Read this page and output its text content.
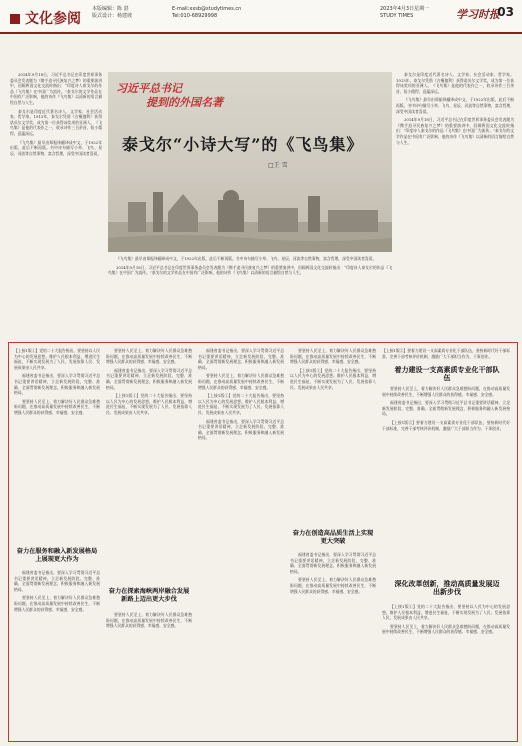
文化参阅
本版编辑：陈 湛
版式设计：杨建坡
E-mail:xxsb@studytimes.cn
Tel:010-68929998
2023年4月3日星期一
STUDY TIMES	学习时报
03

2014年9月18日，习近平总书记在印度世界事务委员会发表题为《携手追寻民族复兴之梦》的重要演讲中，回顾两国文化交流时指出：“印度诗人泰戈尔的作品《飞鸟集》在中国广为流传。”泰戈尔的文学作品在中国有广泛影响，他的诗作《飞鸟集》以清新的语言描绘自然与人生。

泰戈尔是印度近代著名诗人、文学家、社会活动家、哲学家。1913年，泰戈尔凭借《吉檀迦利》获得诺贝尔文学奖，成为第一位获得该奖项的亚洲人。《飞鸟集》是他的代表作之一，收录诗作三百余首，短小精悍，意蕴深远。

《飞鸟集》最早由郑振铎翻译成中文，于1922年出版，此后不断再版。书中诗句描写小草、飞鸟、星辰、河流等自然事物，富含哲理，深受中国读者喜爱。

习近平总书记
提到的外国名著
泰戈尔“小诗大写”的《飞鸟集》
□王 雪

泰戈尔是印度近代著名诗人、文学家、社会活动家、哲学家。1913年，泰戈尔凭借《吉檀迦利》获得诺贝尔文学奖，成为第一位获得该奖项的亚洲人。《飞鸟集》是他的代表作之一，收录诗作三百余首，短小精悍，意蕴深远。

《飞鸟集》最早由郑振铎翻译成中文，于1922年出版，此后不断再版。书中诗句描写小草、飞鸟、星辰、河流等自然事物，富含哲理，深受中国读者喜爱。

2014年9月18日，习近平总书记在印度世界事务委员会发表题为《携手追寻民族复兴之梦》的重要演讲中，回顾两国文化交流时指出：“印度诗人泰戈尔的作品《飞鸟集》在中国广为流传。”泰戈尔的文学作品在中国有广泛影响，他的诗作《飞鸟集》以清新的语言描绘自然与人生。

《飞鸟集》最早由郑振铎翻译成中文，于1922年出版，此后不断再版。书中诗句描写小草、飞鸟、星辰、河流等自然事物，富含哲理，深受中国读者喜爱。

2014年9月18日，习近平总书记在印度世界事务委员会发表题为《携手追寻民族复兴之梦》的重要演讲中，回顾两国文化交流时指出：“印度诗人泰戈尔的作品《飞鸟集》在中国广为流传。”泰戈尔的文学作品在中国有广泛影响，他的诗作《飞鸟集》以清新的语言描绘自然与人生。

【上接1版①】党的二十大报告指出，要坚持以人民为中心的发展思想。维护人民根本利益，增进民生福祉，不断实现发展为了人民、发展依靠人民、发展成果由人民共享。

福建省委书记指出，要深入学习贯彻习近平总书记重要讲话精神，立足新发展阶段，完整、准确、全面贯彻新发展理念，积极服务和融入新发展格局。

要坚持人民至上，着力解决好人民群众急难愁盼问题，在推动高质量发展中持续改善民生，不断增强人民群众的获得感、幸福感、安全感。

奋力在服务和融入新发展格局上展现更大作为

福建省委书记指出，要深入学习贯彻习近平总书记重要讲话精神，立足新发展阶段，完整、准确、全面贯彻新发展理念，积极服务和融入新发展格局。

要坚持人民至上，着力解决好人民群众急难愁盼问题，在推动高质量发展中持续改善民生，不断增强人民群众的获得感、幸福感、安全感。

要坚持人民至上，着力解决好人民群众急难愁盼问题，在推动高质量发展中持续改善民生，不断增强人民群众的获得感、幸福感、安全感。

福建省委书记指出，要深入学习贯彻习近平总书记重要讲话精神，立足新发展阶段，完整、准确、全面贯彻新发展理念，积极服务和融入新发展格局。

【上接1版①】党的二十大报告指出，要坚持以人民为中心的发展思想。维护人民根本利益，增进民生福祉，不断实现发展为了人民、发展依靠人民、发展成果由人民共享。

奋力在探索海峡两岸融合发展新路上迈出更大步伐

要坚持人民至上，着力解决好人民群众急难愁盼问题，在推动高质量发展中持续改善民生，不断增强人民群众的获得感、幸福感、安全感。

福建省委书记指出，要深入学习贯彻习近平总书记重要讲话精神，立足新发展阶段，完整、准确、全面贯彻新发展理念，积极服务和融入新发展格局。

要坚持人民至上，着力解决好人民群众急难愁盼问题，在推动高质量发展中持续改善民生，不断增强人民群众的获得感、幸福感、安全感。

【上接1版①】党的二十大报告指出，要坚持以人民为中心的发展思想。维护人民根本利益，增进民生福祉，不断实现发展为了人民、发展依靠人民、发展成果由人民共享。

福建省委书记指出，要深入学习贯彻习近平总书记重要讲话精神，立足新发展阶段，完整、准确、全面贯彻新发展理念，积极服务和融入新发展格局。

要坚持人民至上，着力解决好人民群众急难愁盼问题，在推动高质量发展中持续改善民生，不断增强人民群众的获得感、幸福感、安全感。

【上接1版①】党的二十大报告指出，要坚持以人民为中心的发展思想。维护人民根本利益，增进民生福祉，不断实现发展为了人民、发展依靠人民、发展成果由人民共享。

奋力在创造高品质生活上实现更大突破

福建省委书记指出，要深入学习贯彻习近平总书记重要讲话精神，立足新发展阶段，完整、准确、全面贯彻新发展理念，积极服务和融入新发展格局。

要坚持人民至上，着力解决好人民群众急难愁盼问题，在推动高质量发展中持续改善民生，不断增强人民群众的获得感、幸福感、安全感。

【上接1版②】要着力建设一支高素质专业化干部队伍，坚持新时代好干部标准，完善干部考核评价机制，激励广大干部担当作为、干事创业。

着力建设一支高素质专业化干部队伍

要坚持人民至上，着力解决好人民群众急难愁盼问题，在推动高质量发展中持续改善民生，不断增强人民群众的获得感、幸福感、安全感。

福建省委书记指出，要深入学习贯彻习近平总书记重要讲话精神，立足新发展阶段，完整、准确、全面贯彻新发展理念，积极服务和融入新发展格局。

【上接1版②】要着力建设一支高素质专业化干部队伍，坚持新时代好干部标准，完善干部考核评价机制，激励广大干部担当作为、干事创业。

深化改革创新，推动高质量发展迈出新步伐

【上接1版①】党的二十大报告指出，要坚持以人民为中心的发展思想。维护人民根本利益，增进民生福祉，不断实现发展为了人民、发展依靠人民、发展成果由人民共享。

要坚持人民至上，着力解决好人民群众急难愁盼问题，在推动高质量发展中持续改善民生，不断增强人民群众的获得感、幸福感、安全感。
